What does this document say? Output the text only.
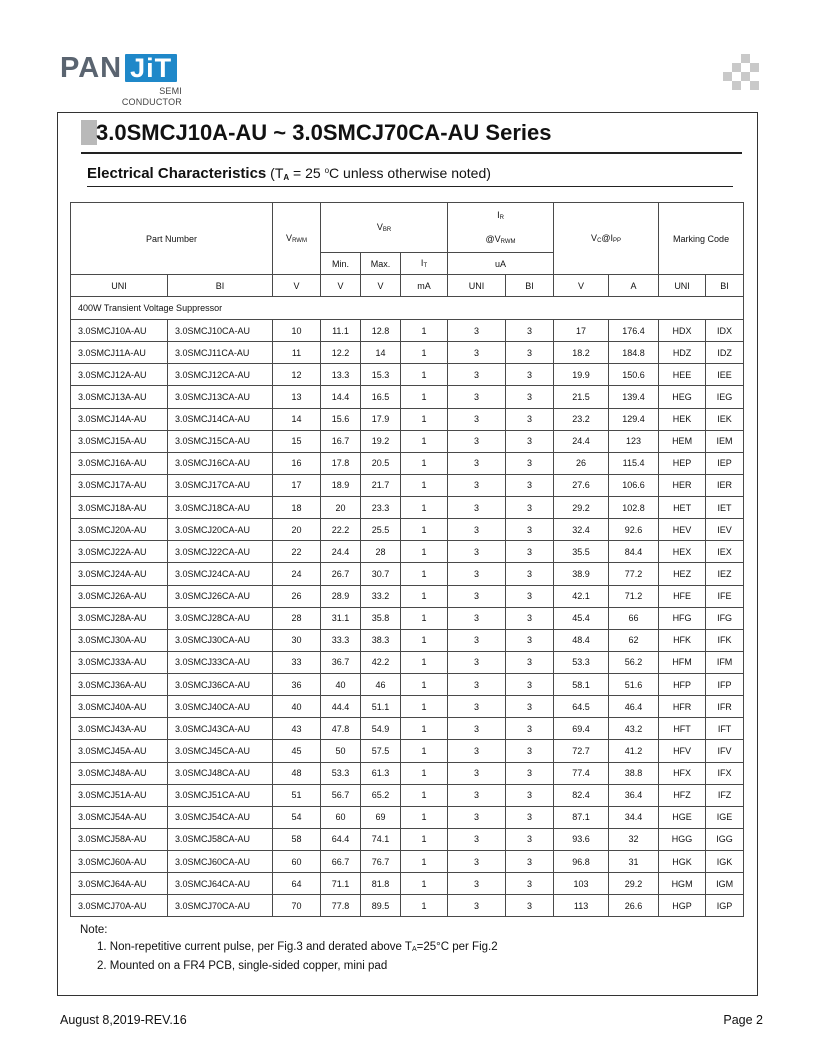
PAN JiT
SEMI
CONDUCTOR
3.0SMCJ10A-AU ~ 3.0SMCJ70CA-AU Series
Electrical Characteristics ($T_A = 25$ $^o$C unless otherwise noted)
Part Number		$V_{RWM}$	$V_{BR}$			$I_R$		$V_C@I_{PP}$		Marking Code	
						$@V_{RWM}$
			Min.	Max.	$I_T$	uA					
UNI	BI	V	V	V	mA	UNI	BI	V	A	UNI	BI
400W Transient Voltage Suppressor											
3.0SMCJ10A-AU	3.0SMCJ10CA-AU	10	11.1	12.8	1	3	3	17	176.4	HDX	IDX
3.0SMCJ11A-AU	3.0SMCJ11CA-AU	11	12.2	14	1	3	3	18.2	184.8	HDZ	IDZ
3.0SMCJ12A-AU	3.0SMCJ12CA-AU	12	13.3	15.3	1	3	3	19.9	150.6	HEE	IEE
3.0SMCJ13A-AU	3.0SMCJ13CA-AU	13	14.4	16.5	1	3	3	21.5	139.4	HEG	IEG
3.0SMCJ14A-AU	3.0SMCJ14CA-AU	14	15.6	17.9	1	3	3	23.2	129.4	HEK	IEK
3.0SMCJ15A-AU	3.0SMCJ15CA-AU	15	16.7	19.2	1	3	3	24.4	123	HEM	IEM
3.0SMCJ16A-AU	3.0SMCJ16CA-AU	16	17.8	20.5	1	3	3	26	115.4	HEP	IEP
3.0SMCJ17A-AU	3.0SMCJ17CA-AU	17	18.9	21.7	1	3	3	27.6	106.6	HER	IER
3.0SMCJ18A-AU	3.0SMCJ18CA-AU	18	20	23.3	1	3	3	29.2	102.8	HET	IET
3.0SMCJ20A-AU	3.0SMCJ20CA-AU	20	22.2	25.5	1	3	3	32.4	92.6	HEV	IEV
3.0SMCJ22A-AU	3.0SMCJ22CA-AU	22	24.4	28	1	3	3	35.5	84.4	HEX	IEX
3.0SMCJ24A-AU	3.0SMCJ24CA-AU	24	26.7	30.7	1	3	3	38.9	77.2	HEZ	IEZ
3.0SMCJ26A-AU	3.0SMCJ26CA-AU	26	28.9	33.2	1	3	3	42.1	71.2	HFE	IFE
3.0SMCJ28A-AU	3.0SMCJ28CA-AU	28	31.1	35.8	1	3	3	45.4	66	HFG	IFG
3.0SMCJ30A-AU	3.0SMCJ30CA-AU	30	33.3	38.3	1	3	3	48.4	62	HFK	IFK
3.0SMCJ33A-AU	3.0SMCJ33CA-AU	33	36.7	42.2	1	3	3	53.3	56.2	HFM	IFM
3.0SMCJ36A-AU	3.0SMCJ36CA-AU	36	40	46	1	3	3	58.1	51.6	HFP	IFP
3.0SMCJ40A-AU	3.0SMCJ40CA-AU	40	44.4	51.1	1	3	3	64.5	46.4	HFR	IFR
3.0SMCJ43A-AU	3.0SMCJ43CA-AU	43	47.8	54.9	1	3	3	69.4	43.2	HFT	IFT
3.0SMCJ45A-AU	3.0SMCJ45CA-AU	45	50	57.5	1	3	3	72.7	41.2	HFV	IFV
3.0SMCJ48A-AU	3.0SMCJ48CA-AU	48	53.3	61.3	1	3	3	77.4	38.8	HFX	IFX
3.0SMCJ51A-AU	3.0SMCJ51CA-AU	51	56.7	65.2	1	3	3	82.4	36.4	HFZ	IFZ
3.0SMCJ54A-AU	3.0SMCJ54CA-AU	54	60	69	1	3	3	87.1	34.4	HGE	IGE
3.0SMCJ58A-AU	3.0SMCJ58CA-AU	58	64.4	74.1	1	3	3	93.6	32	HGG	IGG
3.0SMCJ60A-AU	3.0SMCJ60CA-AU	60	66.7	76.7	1	3	3	96.8	31	HGK	IGK
3.0SMCJ64A-AU	3.0SMCJ64CA-AU	64	71.1	81.8	1	3	3	103	29.2	HGM	IGM
3.0SMCJ70A-AU	3.0SMCJ70CA-AU	70	77.8	89.5	1	3	3	113	26.6	HGP	IGP
Note:
1. Non-repetitive current pulse, per Fig.3 and derated above $T_A=25^\circ C$ per Fig.2
2. Mounted on a FR4 PCB, single-sided copper, mini pad
August 8,2019-REV.16	Page 2
